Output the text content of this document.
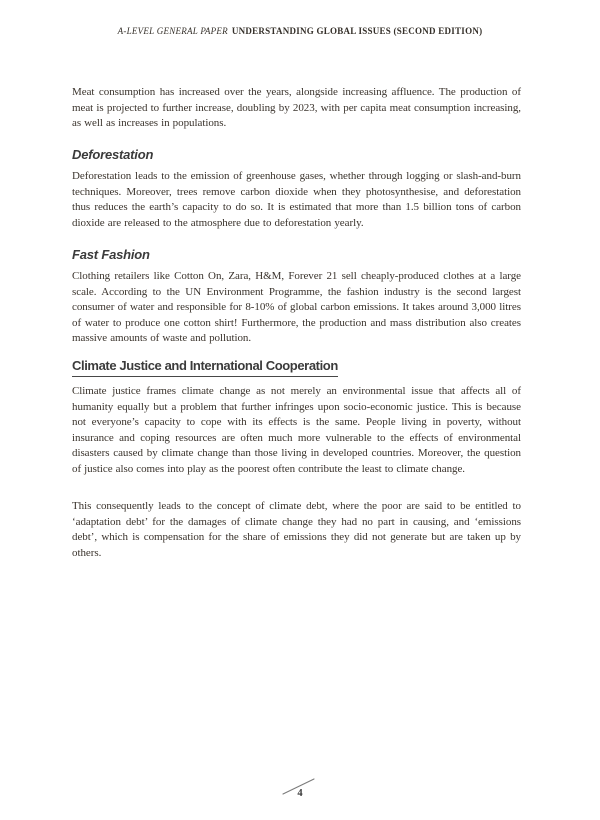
A-LEVEL GENERAL PAPER UNDERSTANDING GLOBAL ISSUES (SECOND EDITION)

Meat consumption has increased over the years, alongside increasing affluence. The production of meat is projected to further increase, doubling by 2023, with per capita meat consumption increasing, as well as increases in populations.

Deforestation

Deforestation leads to the emission of greenhouse gases, whether through logging or slash-and-burn techniques. Moreover, trees remove carbon dioxide when they photosynthesise, and deforestation thus reduces the earth’s capacity to do so. It is estimated that more than 1.5 billion tons of carbon dioxide are released to the atmosphere due to deforestation yearly.

Fast Fashion

Clothing retailers like Cotton On, Zara, H&M, Forever 21 sell cheaply-produced clothes at a large scale. According to the UN Environment Programme, the fashion industry is the second largest consumer of water and responsible for 8-10% of global carbon emissions. It takes around 3,000 litres of water to produce one cotton shirt! Furthermore, the production and mass distribution also creates massive amounts of waste and pollution.

Climate Justice and International Cooperation

Climate justice frames climate change as not merely an environmental issue that affects all of humanity equally but a problem that further infringes upon socio-economic justice. This is because not everyone’s capacity to cope with its effects is the same. People living in poverty, without insurance and coping resources are often much more vulnerable to the effects of environmental disasters caused by climate change than those living in developed countries. Moreover, the question of justice also comes into play as the poorest often contribute the least to climate change.

This consequently leads to the concept of climate debt, where the poor are said to be entitled to ‘adaptation debt’ for the damages of climate change they had no part in causing, and ‘emissions debt’, which is compensation for the share of emissions they did not generate but are taken up by others.

4
